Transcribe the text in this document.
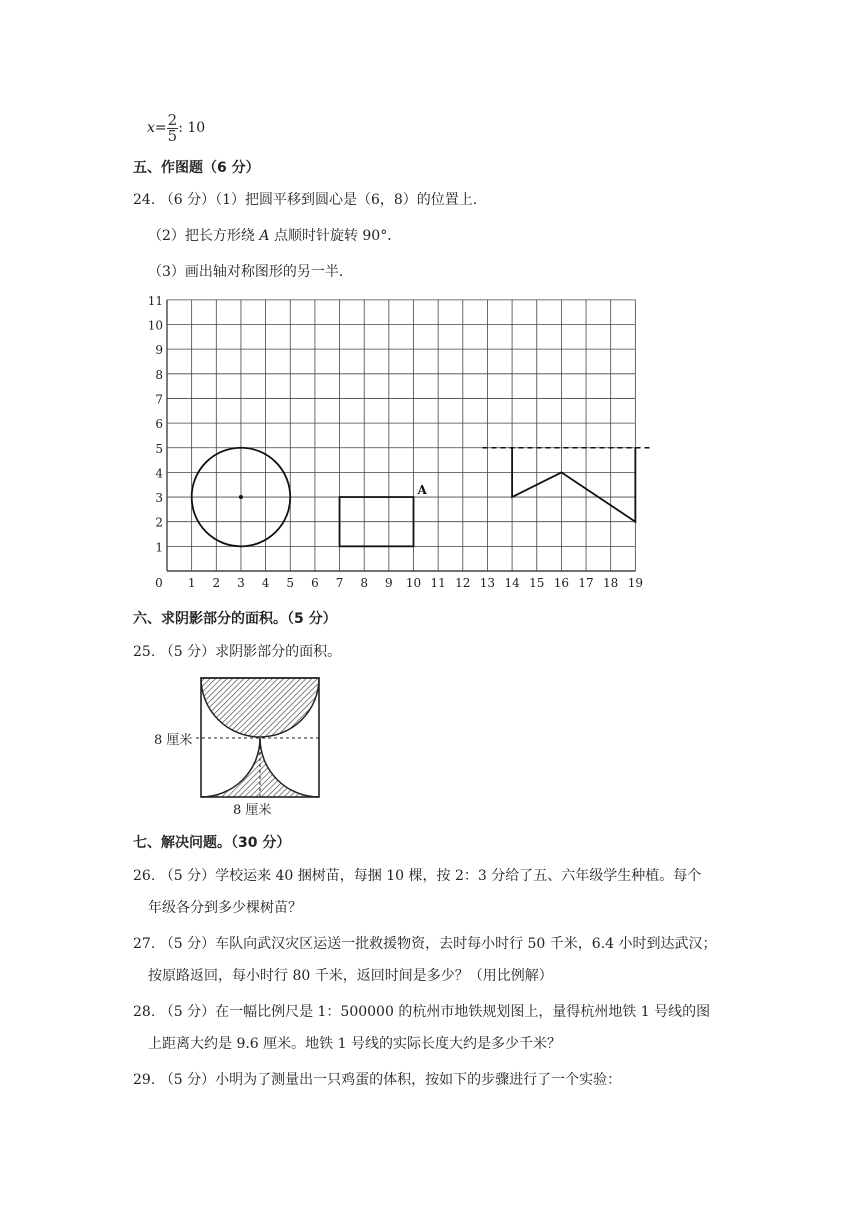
$x= \frac{2}{5}$ : 10
五、作图题（6 分）
24. （6 分）（1）把圆平移到圆心是（6，8）的位置上.
（2）把长方形绕 A 点顺时针旋转 90°．
（3）画出轴对称图形的另一半.
0 1 2 3 4 5 6 7 8 9 10 11 12 13 14 15 16 17 18 19
1
2
3
4
5
6
7
8
9
10
11
A
六、求阴影部分的面积。（5 分）
25. （5 分）求阴影部分的面积。
8 厘米
8 厘米
七、解决问题。（30 分）
26. （5 分）学校运来 40 捆树苗，每捆 10 棵，按 2：3 分给了五、六年级学生种植。每个
年级各分到多少棵树苗？
27. （5 分）车队向武汉灾区运送一批救援物资，去时每小时行 50 千米，6.4 小时到达武汉；
按原路返回，每小时行 80 千米，返回时间是多少？（用比例解）
28. （5 分）在一幅比例尺是 1：500000 的杭州市地铁规划图上，量得杭州地铁 1 号线的图
上距离大约是 9.6 厘米。地铁 1 号线的实际长度大约是多少千米？
29. （5 分）小明为了测量出一只鸡蛋的体积，按如下的步骤进行了一个实验：
